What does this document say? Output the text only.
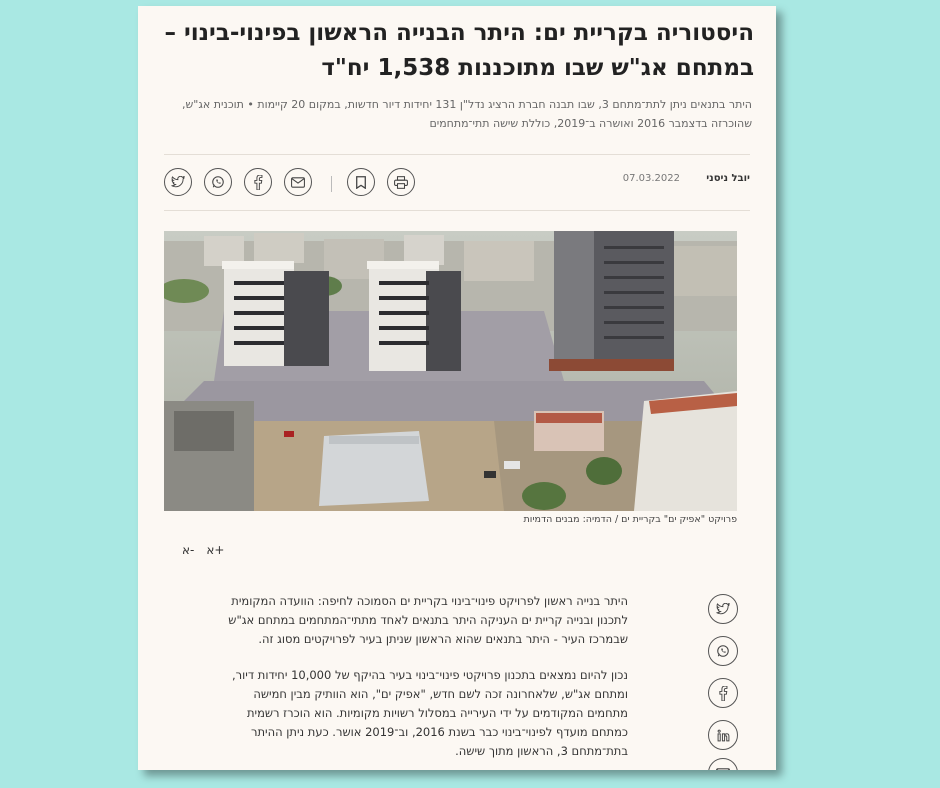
היסטוריה בקריית ים: היתר הבנייה הראשון בפינוי-בינוי – במתחם אג"ש שבו מתוכננות 1,538 יח"ד

היתר בתנאים ניתן לתת־מתחם 3, שבו תבנה חברת הרציג נדל"ן 131 יחידות דיור חדשות, במקום 20 קיימות • תוכנית אג"ש, שהוכרזה בדצמבר 2016 ואושרה ב־2019, כוללת שישה תתי־מתחמים

07.03.2022	יובל ניסני
פרויקט "אפיק ים" בקריית ים / הדמיה: מבנים הדמיות
א- א+

היתר בנייה ראשון לפרויקט פינוי־בינוי בקריית ים הסמוכה לחיפה: הוועדה המקומית לתכנון ובנייה קריית ים העניקה היתר בתנאים לאחד מתתי־המתחמים במתחם אג"ש שבמרכז העיר - היתר בתנאים שהוא הראשון שניתן בעיר לפרויקטים מסוג זה.

נכון להיום נמצאים בתכנון פרויקטי פינוי־בינוי בעיר בהיקף של 10,000 יחידות דיור, ומתחם אג"ש, שלאחרונה זכה לשם חדש, "אפיק ים", הוא הוותיק מבין חמישה מתחמים המקודמים על ידי העירייה במסלול רשויות מקומיות. הוא הוכרז רשמית כמתחם מועדף לפינוי־בינוי כבר בשנת 2016, וב־2019 אושר. כעת ניתן ההיתר בתת־מתחם 3, הראשון מתוך שישה.
